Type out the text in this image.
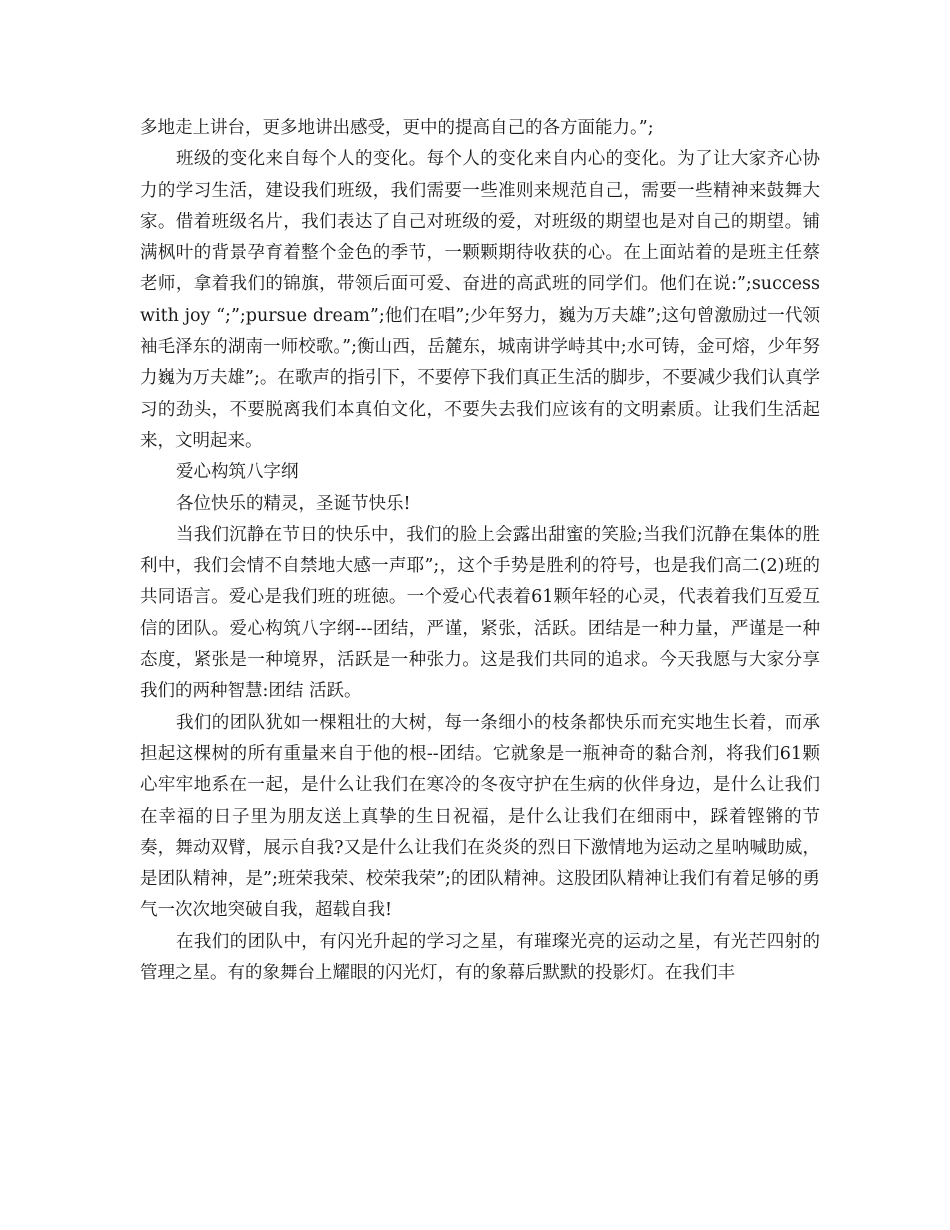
多地走上讲台，更多地讲出感受，更中的提高自己的各方面能力。”;

班级的变化来自每个人的变化。每个人的变化来自内心的变化。为了让大家齐心协力的学习生活，建设我们班级，我们需要一些准则来规范自己，需要一些精神来鼓舞大家。借着班级名片，我们表达了自己对班级的爱，对班级的期望也是对自己的期望。铺满枫叶的背景孕育着整个金色的季节，一颗颗期待收获的心。在上面站着的是班主任蔡老师，拿着我们的锦旗，带领后面可爱、奋进的高武班的同学们。他们在说:”;success with joy “;”;pursue dream”;他们在唱”;少年努力，巍为万夫雄”;这句曾激励过一代领袖毛泽东的湖南一师校歌。”;衡山西，岳麓东，城南讲学峙其中;水可铸，金可熔，少年努力巍为万夫雄”;。在歌声的指引下，不要停下我们真正生活的脚步，不要减少我们认真学习的劲头，不要脱离我们本真伯文化，不要失去我们应该有的文明素质。让我们生活起来，文明起来。

爱心构筑八字纲

各位快乐的精灵，圣诞节快乐!

当我们沉静在节日的快乐中，我们的脸上会露出甜蜜的笑脸;当我们沉静在集体的胜利中，我们会情不自禁地大感一声耶”;，这个手势是胜利的符号，也是我们高二(2)班的共同语言。爱心是我们班的班徳。一个爱心代表着61颗年轻的心灵，代表着我们互爱互信的团队。爱心构筑八字纲---团结，严谨，紧张，活跃。团结是一种力量，严谨是一种态度，紧张是一种境界，活跃是一种张力。这是我们共同的追求。今天我愿与大家分享我们的两种智慧:团结 活跃。

我们的团队犹如一棵粗壮的大树，每一条细小的枝条都快乐而充实地生长着，而承担起这棵树的所有重量来自于他的根--团结。它就象是一瓶神奇的黏合剂，将我们61颗心牢牢地系在一起，是什么让我们在寒冷的冬夜守护在生病的伙伴身边，是什么让我们在幸福的日子里为朋友送上真挚的生日祝福，是什么让我们在细雨中，踩着铿锵的节奏，舞动双臂，展示自我?又是什么让我们在炎炎的烈日下激情地为运动之星呐喊助威，是团队精神，是”;班荣我荣、校荣我荣”;的团队精神。这股团队精神让我们有着足够的勇气一次次地突破自我，超载自我!

在我们的团队中，有闪光升起的学习之星，有璀璨光亮的运动之星，有光芒四射的管理之星。有的象舞台上耀眼的闪光灯，有的象幕后默默的投影灯。在我们丰
